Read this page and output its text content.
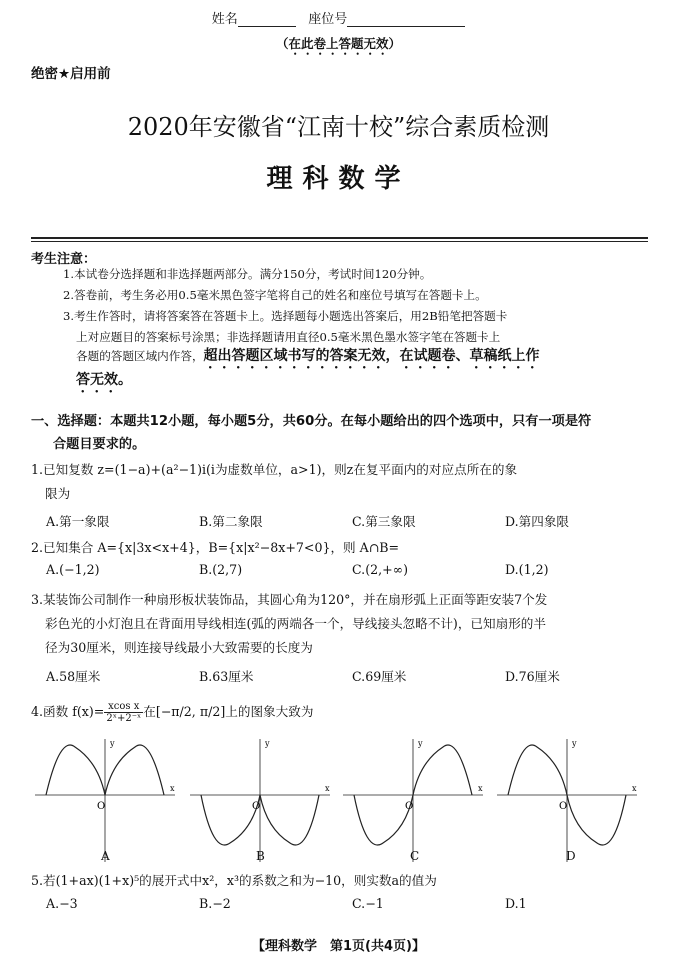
姓名	座位号
（在此卷上答题无效）
绝密★启用前
2020年安徽省“江南十校”综合素质检测
理科数学
考生注意：
1.本试卷分选择题和非选择题两部分。满分150分，考试时间120分钟。
2.答卷前，考生务必用0.5毫米黑色签字笔将自己的姓名和座位号填写在答题卡上。
3.考生作答时，请将答案答在答题卡上。选择题每小题选出答案后，用2B铅笔把答题卡
上对应题目的答案标号涂黑；非选择题请用直径0.5毫米黑色墨水签字笔在答题卡上
各题的答题区域内作答，超出答题区域书写的答案无效，在试题卷、草稿纸上作
答无效。
一、选择题：本题共12小题，每小题5分，共60分。在每小题给出的四个选项中，只有一项是符
合题目要求的。
1.已知复数 z=(1−a)+(a²−1)i(i为虚数单位，a>1)，则z在复平面内的对应点所在的象
限为
A.第一象限	B.第二象限	C.第三象限	D.第四象限
2.已知集合 A={x|3x<x+4}，B={x|x²−8x+7<0}，则 A∩B=
A.(−1,2)	B.(2,7)	C.(2,+∞)	D.(1,2)
3.某装饰公司制作一种扇形板状装饰品，其圆心角为120°，并在扇形弧上正面等距安装7个发
彩色光的小灯泡且在背面用导线相连(弧的两端各一个，导线接头忽略不计)，已知扇形的半
径为30厘米，则连接导线最小大致需要的长度为
A.58厘米	B.63厘米	C.69厘米	D.76厘米
4.函数 $f(x)= \frac{\text{xcos x}}{\text{2ˣ+2⁻ˣ}}$ 在[−π/2, π/2]上的图象大致为
O
y
x
O
y
x
O
y
x
O
y
x
A	B	C	D
5.若(1+ax)(1+x)⁵的展开式中x²，x³的系数之和为−10，则实数a的值为
A.−3	B.−2	C.−1	D.1
【理科数学　第1页(共4页)】
